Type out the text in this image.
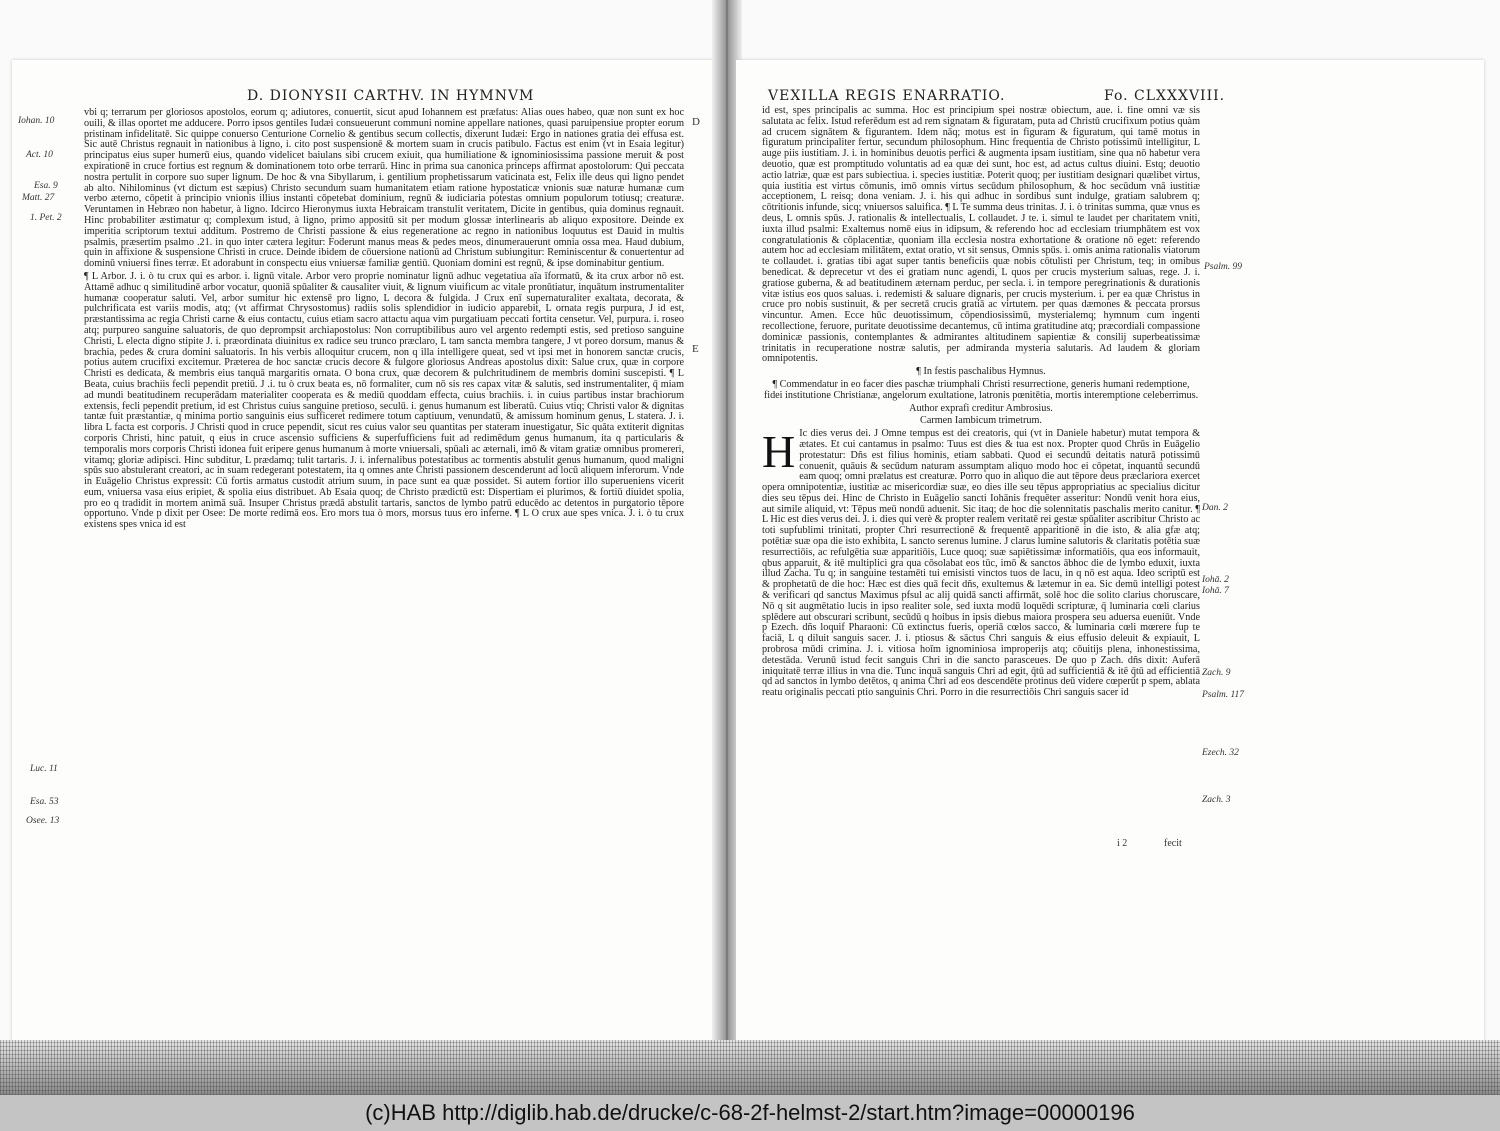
D. DIONYSII CARTHV. IN HYMNVM

vbi q; terrarum per gloriosos apostolos, eorum q; adiutores, conuertit, sicut apud Iohannem est præfatus: Alias oues habeo, quæ non sunt ex hoc ouili, & illas oportet me adducere. Porro ipsos gentiles Iudæi consueuerunt communi nomine appellare nationes, quasi paruipensiue propter eorum pristinam infidelitatē. Sic quippe conuerso Centurione Cornelio & gentibus secum collectis, dixerunt Iudæi: Ergo in nationes gratia dei effusa est. Sic autē Christus regnauit in nationibus à ligno, i. cito post suspensionē & mortem suam in crucis patibulo. Factus est enim (vt in Esaia legitur) principatus eius super humerū eius, quando videlicet baiulans sibi crucem exiuit, qua humiliatione & ignominiosissima passione meruit & post expirationē in cruce fortius est regnum & dominationem toto orbe terrarū. Hinc in prima sua canonica princeps affirmat apostolorum: Qui peccata nostra pertulit in corpore suo super lignum. De hoc & vna Sibyllarum, i. gentilium prophetissarum vaticinata est, Felix ille deus qui ligno pendet ab alto. Nihilominus (vt dictum est sæpius) Christo secundum suam humanitatem etiam ratione hypostaticæ vnionis suæ naturæ humanæ cum verbo æterno, cōpetit à principio vnionis illius instanti cōpetebat dominium, regnū & iudiciaria potestas omnium populorum totiusq; creaturæ. Veruntamen in Hebræo non habetur, à ligno. Idcirco Hieronymus iuxta Hebraicam transtulit veritatem, Dicite in gentibus, quia dominus regnauit. Hinc probabiliter æstimatur q; complexum istud, à ligno, primo appositū sit per modum glossæ interlinearis ab aliquo expositore. Deinde ex imperitia scriptorum textui additum. Postremo de Christi passione & eius regeneratione ac regno in nationibus loquutus est Dauid in multis psalmis, præsertim psalmo .21. in quo inter cætera legitur: Foderunt manus meas & pedes meos, dinumerauerunt omnia ossa mea. Haud dubium, quin in affixione & suspensione Christi in cruce. Deinde ibidem de cōuersione nationū ad Christum subiungitur: Reminiscentur & conuertentur ad dominū vniuersi fines terræ. Et adorabunt in conspectu eius vniuersæ familiæ gentiū. Quoniam domini est regnū, & ipse dominabitur gentium.

¶ L Arbor. J. i. ò tu crux qui es arbor. i. lignū vitale. Arbor vero proprie nominatur lignū adhuc vegetatiua aīa īformatū, & ita crux arbor nō est. Attamē adhuc q similitudinē arbor vocatur, quoniā spūaliter & causaliter viuit, & lignum viuificum ac vitale pronūtiatur, inquātum instrumentaliter humanæ cooperatur saluti. Vel, arbor sumitur hic extensē pro ligno, L decora & fulgida. J Crux enī supernaturaliter exaltata, decorata, & pulchrificata est variis modis, atq; (vt affirmat Chrysostomus) radiis solis splendidior in iudicio apparebit, L ornata regis purpura, J id est, præstantissima ac regia Christi carne & eius contactu, cuius etiam sacro attactu aqua vim purgatiuam peccati fortita censetur. Vel, purpura. i. roseo atq; purpureo sanguine saluatoris, de quo deprompsit archiapostolus: Non corruptibilibus auro vel argento redempti estis, sed pretioso sanguine Christi, L electa digno stipite J. i. præordinata diuinitus ex radice seu trunco præclaro, L tam sancta membra tangere, J vt poreo dorsum, manus & brachia, pedes & crura domini saluatoris. In his verbis alloquitur crucem, non q illa intelligere queat, sed vt ipsi met in honorem sanctæ crucis, potius autem crucifixi excitemur. Præterea de hoc sanctæ crucis decore & fulgore gloriosus Andreas apostolus dixit: Salue crux, quæ in corpore Christi es dedicata, & membris eius tanquā margaritis ornata. O bona crux, quæ decorem & pulchritudinem de membris domini suscepisti. ¶ L Beata, cuius brachiis fecli pependit pretiū. J .i. tu ò crux beata es, nō formaliter, cum nō sis res capax vitæ & salutis, sed instrumentaliter, q̄ miam ad mundi beatitudinem recuperādam materialiter cooperata es & mediū quoddam effecta, cuius brachiis. i. in cuius partibus instar brachiorum extensis, fecli pependit pretium, id est Christus cuius sanguine pretioso, seculū. i. genus humanum est liberatū. Cuius vtiq; Christi valor & dignitas tantæ fuit præstantiæ, q minima portio sanguinis eius sufficeret redimere totum captiuum, venundatū, & amissum hominum genus, L statera. J. i. libra L facta est corporis. J Christi quod in cruce pependit, sicut res cuius valor seu quantitas per stateram inuestigatur, Sic quāta extiterit dignitas corporis Christi, hinc patuit, q eius in cruce ascensio sufficiens & superfufficiens fuit ad redimēdum genus humanum, ita q particularis & temporalis mors corporis Christi idonea fuit eripere genus humanum à morte vniuersali, spūali ac æternali, imō & vitam gratiæ omnibus promereri, vitamq; gloriæ adipisci. Hinc subditur, L prædamq; tulit tartaris. J. i. infernalibus potestatibus ac tormentis abstulit genus humanum, quod maligni spūs suo abstulerant creatori, ac in suam redegerant potestatem, ita q omnes ante Christi passionem descenderunt ad locū aliquem inferorum. Vnde in Euāgelio Christus expressit: Cū fortis armatus custodit atrium suum, in pace sunt ea quæ possidet. Si autem fortior illo superueniens vicerit eum, vniuersa vasa eius eripiet, & spolia eius distribuet. Ab Esaia quoq; de Christo prædictū est: Dispertiam ei plurimos, & fortiū diuidet spolia, pro eo q tradidit in mortem animā suā. Insuper Christus prædā abstulit tartaris, sanctos de lymbo patrū educēdo ac detentos in purgatorio tēpore opportuno. Vnde p dixit per Osee: De morte redimā eos. Ero mors tua ò mors, morsus tuus ero inferne. ¶ L O crux aue spes vnica. J. i. ò tu crux existens spes vnica id est

Iohan. 10
Act. 10
Esa. 9
Matt. 27
1. Pet. 2
Luc. 11
Esa. 53
Osee. 13
D
E
VEXILLA REGIS ENARRATIO.	Fo. CLXXXVIII.

id est, spes principalis ac summa. Hoc est principium spei nostræ obiectum, aue. i. fine omni væ sis salutata ac felix. Istud referēdum est ad rem signatam & figuratam, puta ad Christū crucifixum potius quàm ad crucem signātem & figurantem. Idem nāq; motus est in figuram & figuratum, qui tamē motus in figuratum principaliter fertur, secundum philosophum. Hinc frequentia de Christo potissimū intelligitur, L auge piis iustitiam. J. i. in hominibus deuotis perfici & augmenta ipsam iustitiam, sine qua nō habetur vera deuotio, quæ est promptitudo voluntatis ad ea quæ dei sunt, hoc est, ad actus cultus diuini. Estq; deuotio actio latriæ, quæ est pars subiectiua. i. species iustitiæ. Poterit quoq; per iustitiam designari quælibet virtus, quia iustitia est virtus cōmunis, imō omnis virtus secūdum philosophum, & hoc secūdum vnā iustitiæ acceptionem, L reisq; dona veniam. J. i. his qui adhuc in sordibus sunt indulge, gratiam salubrem q; cōtritionis infunde, sicq; vniuersos saluifica. ¶ L Te summa deus trinitas. J. i. ò trinitas summa, quæ vnus es deus, L omnis spūs. J. rationalis & intellectualis, L collaudet. J te. i. simul te laudet per charitatem vniti, iuxta illud psalmi: Exaltemus nomē eius in idipsum, & referendo hoc ad ecclesiam triumphātem est vox congratulationis & cōplacentiæ, quoniam illa ecclesia nostra exhortatione & oratione nō eget: referendo autem hoc ad ecclesiam militātem, extat oratio, vt sit sensus, Omnis spūs. i. omis anima rationalis viatorum te collaudet. i. gratias tibi agat super tantis beneficiis quæ nobis cōtulisti per Christum, teq; in omibus benedicat. & deprecetur vt des ei gratiam nunc agendi, L quos per crucis mysterium saluas, rege. J. i. gratiose guberna, & ad beatitudinem æternam perduc, per secla. i. in tempore peregrinationis & durationis vitæ istius eos quos saluas. i. redemisti & saluare dignaris, per crucis mysterium. i. per ea quæ Christus in cruce pro nobis sustinuit, & per secretā crucis gratiā ac virtutem. per quas dæmones & peccata prorsus vincuntur. Amen. Ecce hūc deuotissimum, cōpendiosissimū, mysterialemq; hymnum cum ingenti recollectione, feruore, puritate deuotissime decantemus, cū intima gratitudine atq; præcordiali compassione dominicæ passionis, contemplantes & admirantes altitudinem sapientiæ & consilij superbeatissimæ trinitatis in recuperatione nostræ salutis, per admiranda mysteria salutaris. Ad laudem & gloriam omnipotentis.

¶ In festis paschalibus Hymnus.

¶ Commendatur in eo facer dies paschæ triumphali Christi resurrectione, generis humani redemptione, fidei institutione Christianæ, angelorum exultatione, latronis pœnitētia, mortis interemptione celeberrimus.

Author exprafi creditur Ambrosius.

Carmen Iambicum trimetrum.

H Ic dies verus dei. J Omne tempus est dei creatoris, qui (vt in Daniele habetur) mutat tempora & ætates. Et cui cantamus in psalmo: Tuus est dies & tua est nox. Propter quod Chrūs in Euāgelio protestatur: Dñs est filius hominis, etiam sabbati. Quod ei secundū deitatis naturā potissimū conuenit, quāuis & secūdum naturam assumptam aliquo modo hoc ei cōpetat, inquantū secundū eam quoq; omni prælatus est creaturæ. Porro quo in aliquo die aut tēpore deus præclariora exercet opera omnipotentiæ, iustitiæ ac misericordiæ suæ, eo dies ille seu tēpus appropriatius ac specialius dicitur dies seu tēpus dei. Hinc de Christo in Euāgelio sancti Iohānis frequēter asseritur: Nondū venit hora eius, aut simile aliquid, vt: Tēpus meū nondū aduenit. Sic itaq; de hoc die solennitatis paschalis merito canitur. ¶ L Hic est dies verus dei. J. i. dies qui verè & propter realem veritatē rei gestæ spūaliter ascribitur Christo ac toti supfublimi trinitati, propter Chri resurrectionē & frequentē apparitionē in die isto, & alia gfæ atq; potētiæ suæ opa die isto exhibita, L sancto serenus lumine. J clarus lumine salutoris & claritatis potētia suæ resurrectiōis, ac refulgētia suæ apparitiōis, Luce quoq; suæ sapiētissimæ informatiōis, qua eos informauit, qbus apparuit, & itē multiplici gra qua cōsolabat eos tūc, imō & sanctos ābhoc die de lymbo eduxit, iuxta illud Zacha. Tu q; in sanguine testamēti tui emisisti vinctos tuos de lacu, in q nō est aqua. Ideo scriptū est & prophetatū de die hoc: Hæc est dies quā fecit dñs, exultemus & lætemur in ea. Sic demū intelligi potest & verificari qd sanctus Maximus pfsul ac alij quidā sancti affirmāt, solē hoc die solito clarius choruscare, Nō q sit augmētatio lucis in ipso realiter sole, sed iuxta modū loquēdi scripturæ, q̄ luminaria cœli clarius splēdere aut obscurari scribunt, secūdū q hoibus in ipsis diebus maiora prospera seu aduersa eueniūt. Vnde p Ezech. dñs loquif Pharaoni: Cū extinctus fueris, operiā cœlos sacco, & luminaria cœli mœrere fup te faciā, L q diluit sanguis sacer. J. i. ptiosus & sāctus Chri sanguis & eius effusio deleuit & expiauit, L probrosa mūdi crimina. J. i. vitiosa hoīm ignominiosa improperijs atq; cōuitijs plena, inhonestissima, detestāda. Verunū istud fecit sanguis Chri in die sancto parasceues. De quo p Zach. dñs dixit: Auferā iniquitatē terræ illius in vna die. Tunc inquā sanguis Chri ad egit, q̄tū ad sufficientiā & itē q̄tū ad efficientiā qd ad sanctos in lymbo detētos, q anima Chri ad eos descendēte protinus deū videre cœperūt p spem, ablata reatu originalis peccati ptio sanguinis Chri. Porro in die resurrectiōis Chri sanguis sacer id

i 2	fecit
Psalm. 99
Dan. 2
Iohā. 2
Iohā. 7
Zach. 9
Psalm. 117
Ezech. 32
Zach. 3
(c)HAB http://diglib.hab.de/drucke/c-68-2f-helmst-2/start.htm?image=00000196
